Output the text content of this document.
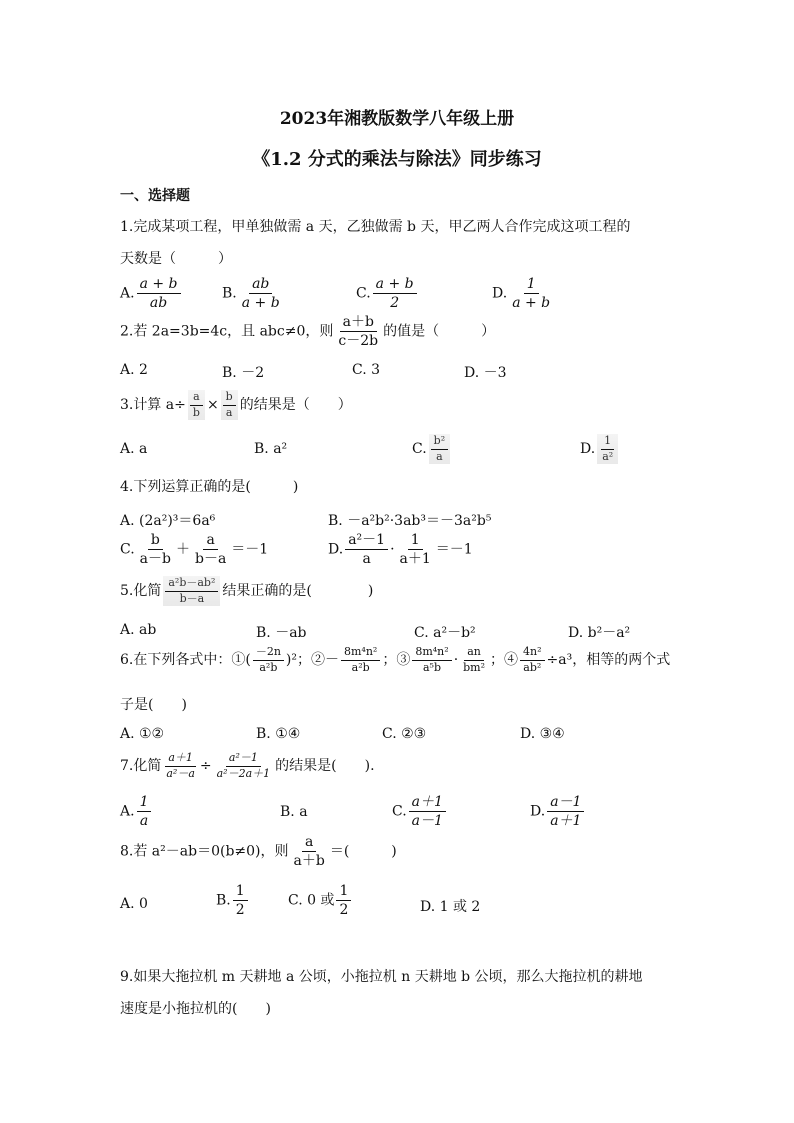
2023年湘教版数学八年级上册
《1.2 分式的乘法与除法》同步练习
一、选择题
1.完成某项工程，甲单独做需 a 天，乙独做需 b 天，甲乙两人合作完成这项工程的
天数是（　　　）
A. $\frac{a + b}{ab}$	B. $\frac{ab}{a + b}$	C. $\frac{a + b}{2}$	D. $\frac{1}{a + b}$
2.若 2a=3b=4c，且 abc≠0，则 $\frac{a+b}{c-2b}$ 的值是（　　　）
A. 2	B. －2	C. 3	D. －3
3.计算 $a\div \frac{a}{b} \times \frac{b}{a}$ 的结果是（　　）
A. a	B. a²	C. $\frac{\text{b²}}{a}$	D. $\frac{1}{\text{a²}}$
4.下列运算正确的是(　　　)
A. (2a²)³＝6a⁶	B. －a²b²·3ab³＝－3a²b⁵
C. $\frac{b}{a-b} + \frac{a}{b-a} =-1$	D. $\frac{\text{a²－1}}{a} \cdot \frac{1}{a+1} =-1$
5.化简 $\frac{\text{a²b－ab²}}{b-a}$ 结果正确的是(　　　　)
A. ab	B. －ab	C. a²－b²	D. b²－a²
6.在下列各式中：①( $\frac{-2n}{\text{a²b}} )^2$；②－ $\frac{\text{8m⁴n²}}{\text{a²b}}$ ；③ $\frac{\text{8m⁴n²}}{\text{a⁵b}} \cdot \frac{an}{\text{bm²}}$ ；④ $\frac{\text{4n²}}{\text{ab²}} \div a^3$，相等的两个式
子是(　　)
A. ①②	B. ①④	C. ②③	D. ③④
7.化简 $\frac{a+1}{\text{a²－a}} \div \frac{\text{a²－1}}{\text{a²－2a＋1}}$ 的结果是(　　).
A. $\frac{1}{a}$	B. a	C. $\frac{a+1}{a-1}$	D. $\frac{a-1}{a+1}$
8.若 a²－ab＝0(b≠0)，则 $\frac{a}{a+b}$ ＝(　　　)
A. 0	B. $\frac{1}{2}$	C. 0 或 $\frac{1}{2}$	D. 1 或 2
9.如果大拖拉机 m 天耕地 a 公顷，小拖拉机 n 天耕地 b 公顷，那么大拖拉机的耕地
速度是小拖拉机的(　　)
